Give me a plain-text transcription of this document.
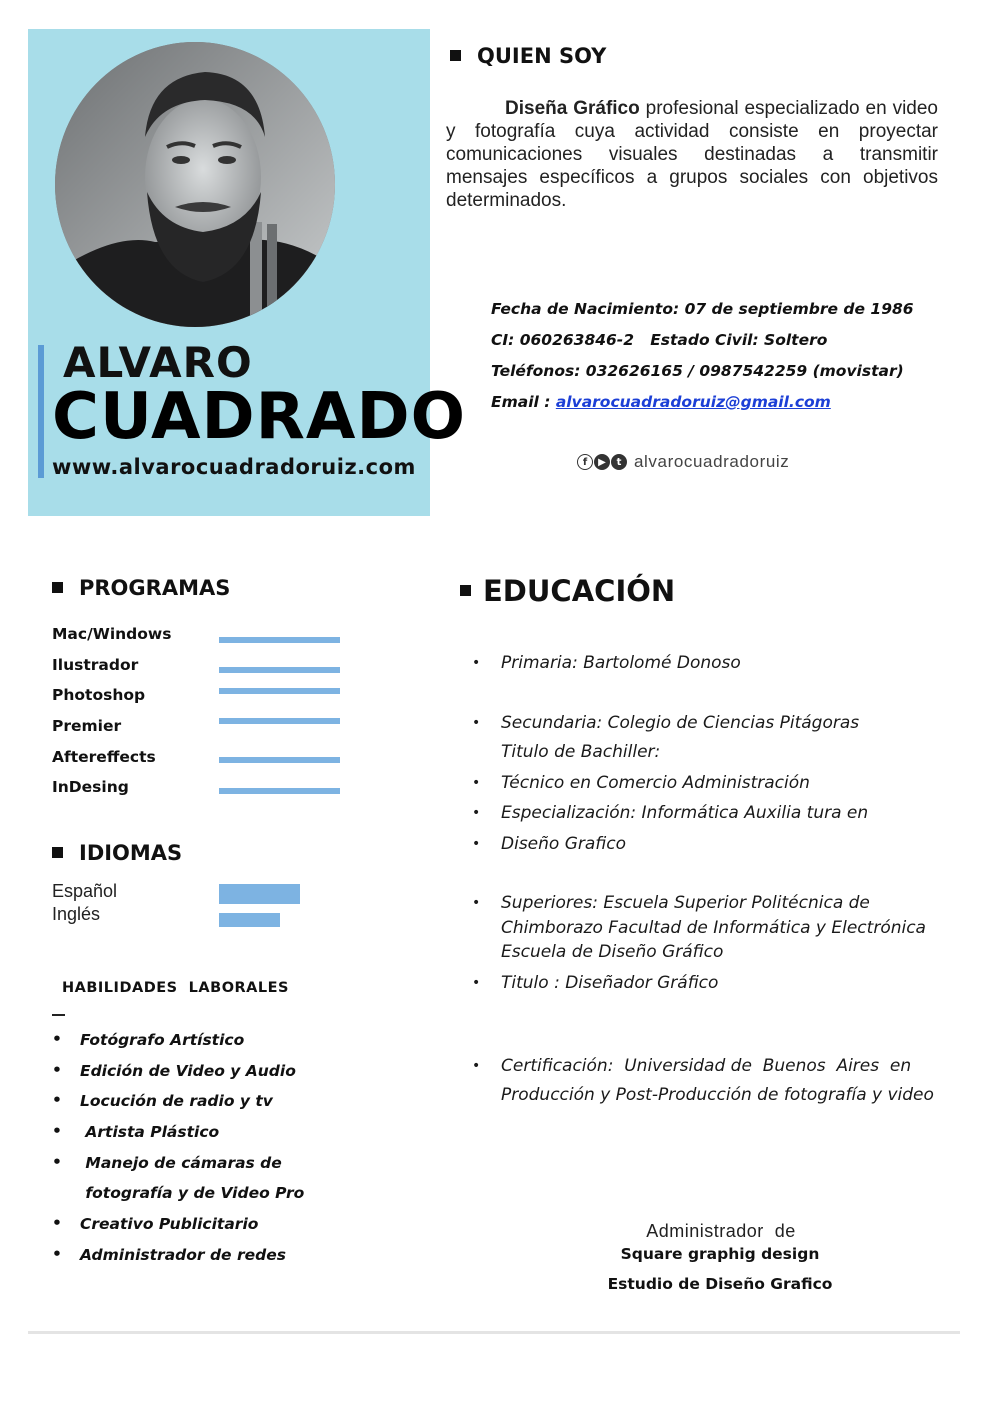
ALVARO
CUADRADO
www.alvarocuadradoruiz.com
QUIEN SOY
Diseña Gráfico profesional especializado en video y fotografía cuya actividad consiste en proyectar comunicaciones visuales destinadas a transmitir mensajes específicos a grupos sociales con objetivos determinados.
Fecha de Nacimiento: 07 de septiembre de 1986
CI: 060263846-2   Estado Civil: Soltero
Teléfonos: 032626165 / 0987542259 (movistar)
Email : alvarocuadradoruiz@gmail.com
f	▶	t alvarocuadradoruiz
PROGRAMAS
Mac/Windows
Ilustrador
Photoshop
Premier
Aftereffects
InDesing
IDIOMAS
Español
Inglés
HABILIDADES  LABORALES
• Fotógrafo Artístico
• Edición de Video y Audio
• Locución de radio y tv
• Artista Plástico
• Manejo de cámaras de
fotografía y de Video Pro
• Creativo Publicitario
• Administrador de redes
EDUCACIÓN
• Primaria: Bartolomé Donoso
• Secundaria: Colegio de Ciencias Pitágoras
Titulo de Bachiller:
• Técnico en Comercio Administración
• Especialización: Informática Auxilia tura en
• Diseño Grafico
• Superiores: Escuela Superior Politécnica de
Chimborazo Facultad de Informática y Electrónica
Escuela de Diseño Gráfico
• Titulo : Diseñador Gráfico
• Certificación:  Universidad de  Buenos  Aires  en
Producción y Post-Producción de fotografía y video
Administrador  de
Square graphig design
Estudio de Diseño Grafico
